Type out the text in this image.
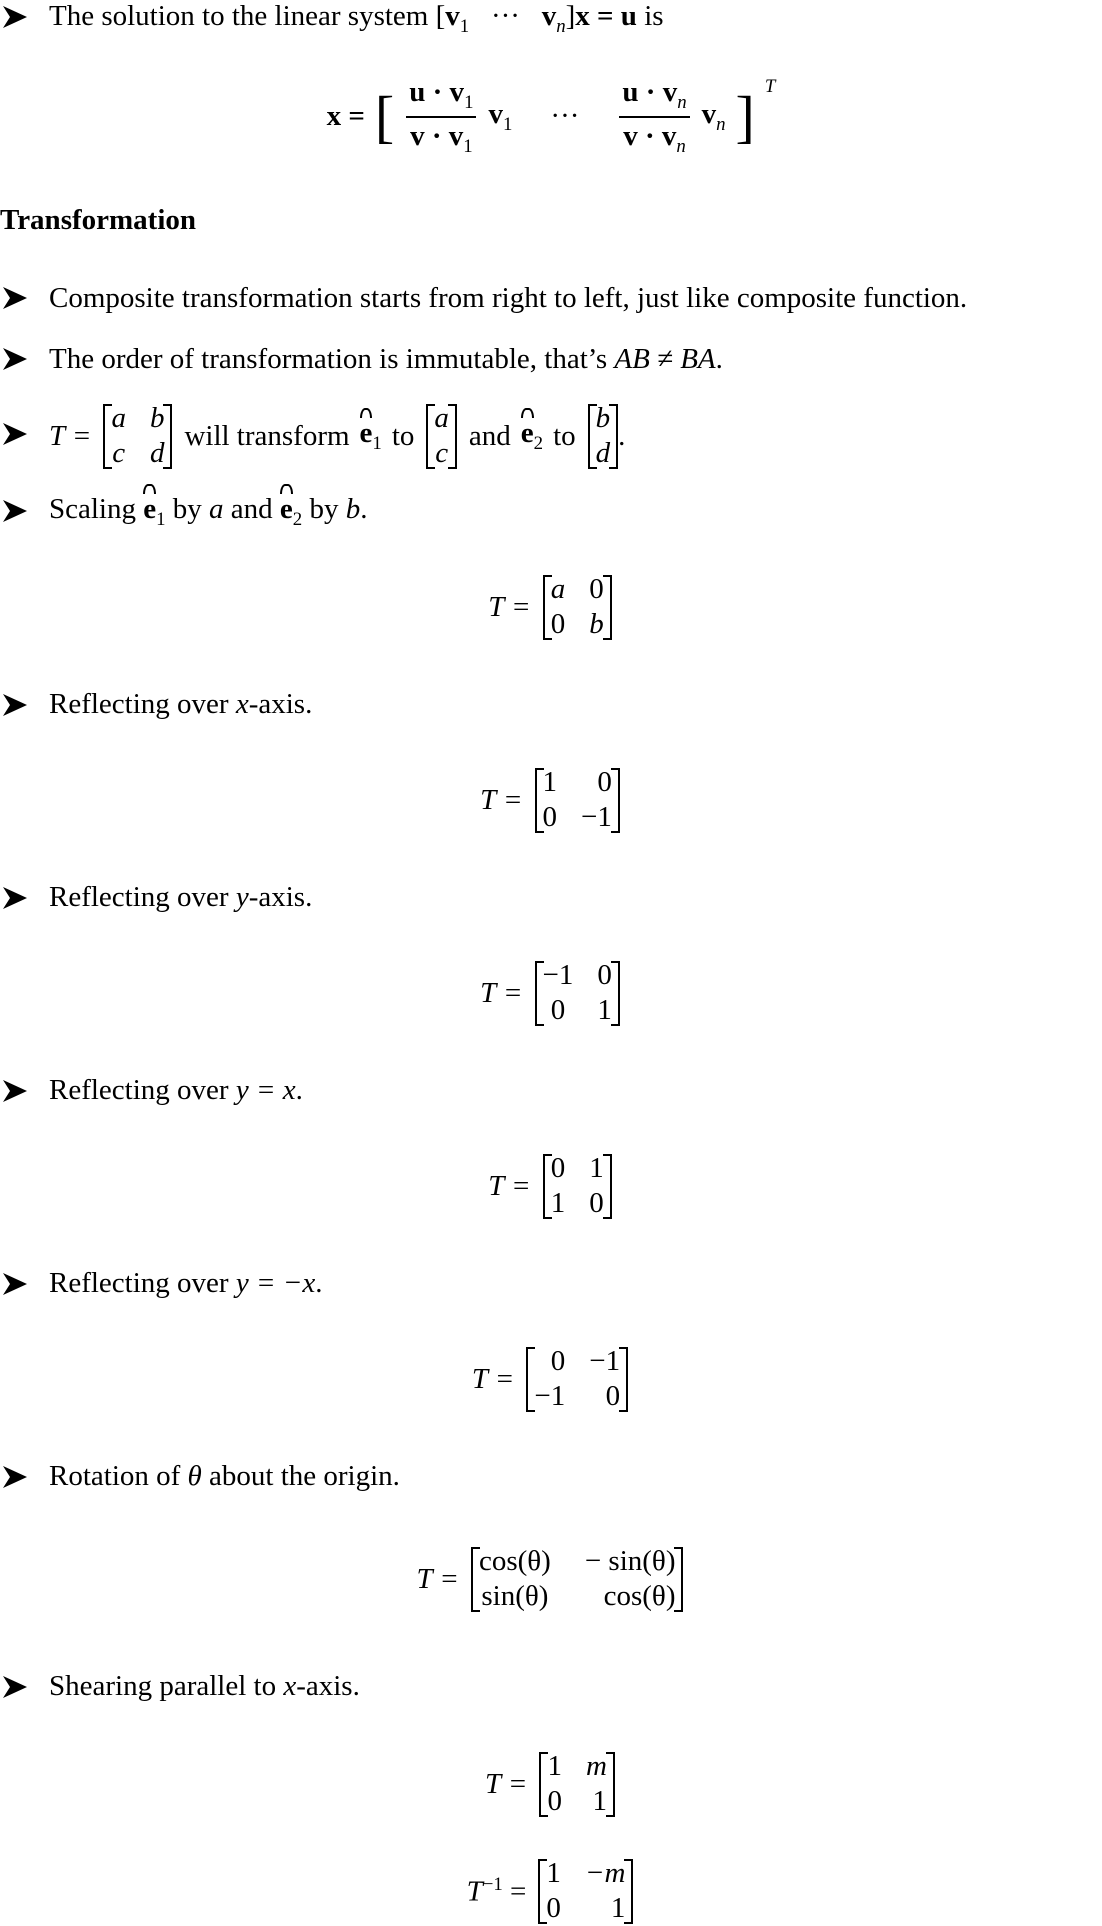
The solution to the linear system [$v_1$ ··· $v_n]x = u$ is
x = [ $\frac{u \cdot v_1}{v \cdot v_1} v_1$ ··· $\frac{u \cdot v_n}{v \cdot v_n} v_n$ ] $^T$
Transformation
Composite transformation starts from right to left, just like composite function.
The order of transformation is immutable, that’s AB ≠ BA.
T =
a b
c d
will transform $e_1$ to
a
c
and $e_2$ to
b
d
.
Scaling $e_1$ by a and $e_2$ by b.
T =
a 0
0 b
Reflecting over x-axis.
T =
1	0
0 −1
Reflecting over y-axis.
T =
−1 0
0 1
Reflecting over y = x.
T =
0 1
1 0
Reflecting over y = −x.
T =
0 −1
−1	0
Rotation of θ about the origin.
T =
cos(θ) − sin(θ)
sin(θ)	cos(θ)
Shearing parallel to x-axis.
T =
1 m
0 1
$T^{-1}$ =
1 −m
0	1
